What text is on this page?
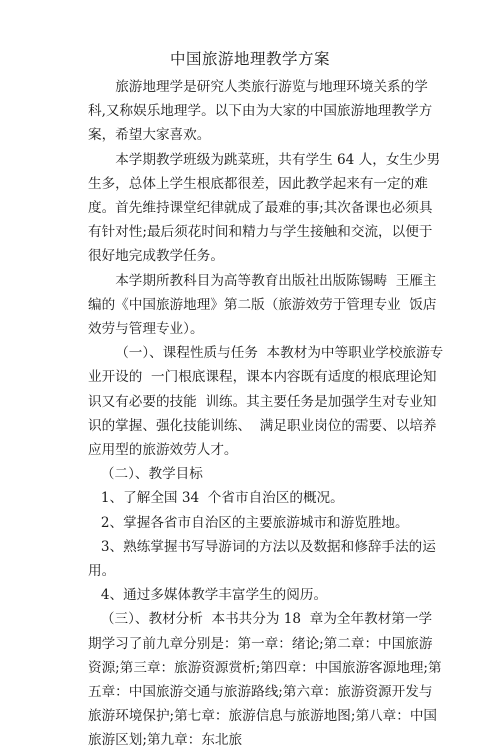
中国旅游地理教学方案

旅游地理学是研究人类旅行游览与地理环境关系的学科,又称娱乐地理学。以下由为大家的中国旅游地理教学方案，希望大家喜欢。

本学期教学班级为跳菜班，共有学生 64 人，女生少男生多，总体上学生根底都很差，因此教学起来有一定的难度。首先维持课堂纪律就成了最难的事;其次备课也必须具有针对性;最后须花时间和精力与学生接触和交流，以便于很好地完成教学任务。

本学期所教科目为高等教育出版社出版陈锡畴  王雁主编的《中国旅游地理》第二版（旅游效劳于管理专业  饭店效劳与管理专业）。

（一）、课程性质与任务  本教材为中等职业学校旅游专业开设的  一门根底课程，课本内容既有适度的根底理论知识又有必要的技能  训练。其主要任务是加强学生对专业知识的掌握、强化技能训练、  满足职业岗位的需要、以培养应用型的旅游效劳人才。

（二）、教学目标

1、了解全国 34  个省市自治区的概况。

2、掌握各省市自治区的主要旅游城市和游览胜地。

3、熟练掌握书写导游词的方法以及数据和修辞手法的运用。

4、通过多媒体教学丰富学生的阅历。

（三）、教材分析  本书共分为 18  章为全年教材第一学期学习了前九章分别是：第一章：绪论;第二章：中国旅游资源;第三章：旅游资源赏析;第四章：中国旅游客源地理;第五章：中国旅游交通与旅游路线;第六章：旅游资源开发与旅游环境保护;第七章：旅游信息与旅游地图;第八章：中国旅游区划;第九章：东北旅
